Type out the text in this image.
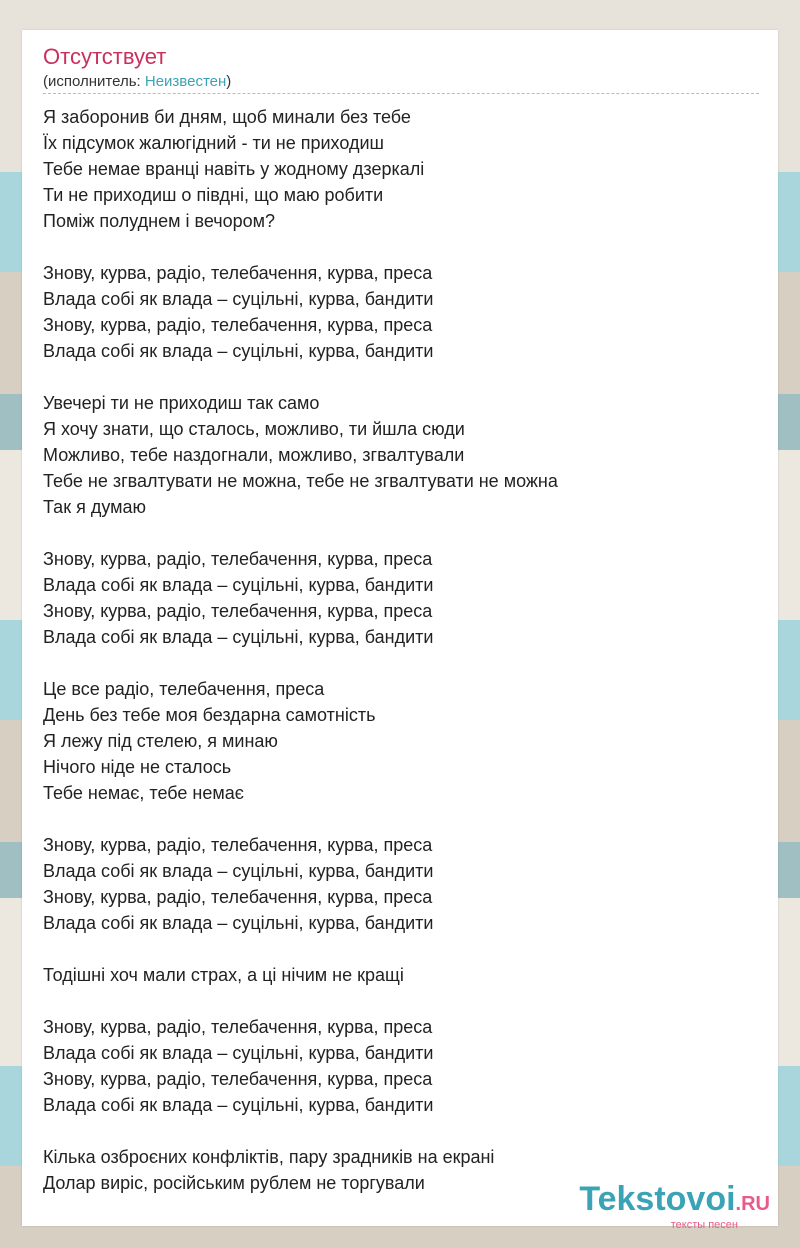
Отсутствует
(исполнитель: Неизвестен)
Я заборонив би дням, щоб минали без тебе
Їх підсумок жалюгідний - ти не приходиш
Тебе немае вранці навіть у жодному дзеркалі
Ти не приходиш о півдні, що маю робити
Поміж полуднем і вечором?
Знову, курва, радіо, телебачення, курва, преса
Влада собі як влада – суцільні, курва, бандити
Знову, курва, радіо, телебачення, курва, преса
Влада собі як влада – суцільні, курва, бандити
Увечері ти не приходиш так само
Я хочу знати, що сталось, можливо, ти йшла сюди
Можливо, тебе наздогнали, можливо, згвалтували
Тебе не згвалтувати не можна, тебе не згвалтувати не можна
Так я думаю
Знову, курва, радіо, телебачення, курва, преса
Влада собі як влада – суцільні, курва, бандити
Знову, курва, радіо, телебачення, курва, преса
Влада собі як влада – суцільні, курва, бандити
Це все радіо, телебачення, преса
День без тебе моя бездарна самотність
Я лежу під стелею, я минаю
Нічого ніде не сталось
Тебе немає, тебе немає
Знову, курва, радіо, телебачення, курва, преса
Влада собі як влада – суцільні, курва, бандити
Знову, курва, радіо, телебачення, курва, преса
Влада собі як влада – суцільні, курва, бандити
Тодішні хоч мали страх, а ці нічим не кращі
Знову, курва, радіо, телебачення, курва, преса
Влада собі як влада – суцільні, курва, бандити
Знову, курва, радіо, телебачення, курва, преса
Влада собі як влада – суцільні, курва, бандити
Кілька озброєних конфліктів, пару зрадників на екрані
Долар виріс, російським рублем не торгували	Tekstovoi.RU
тексты песен
